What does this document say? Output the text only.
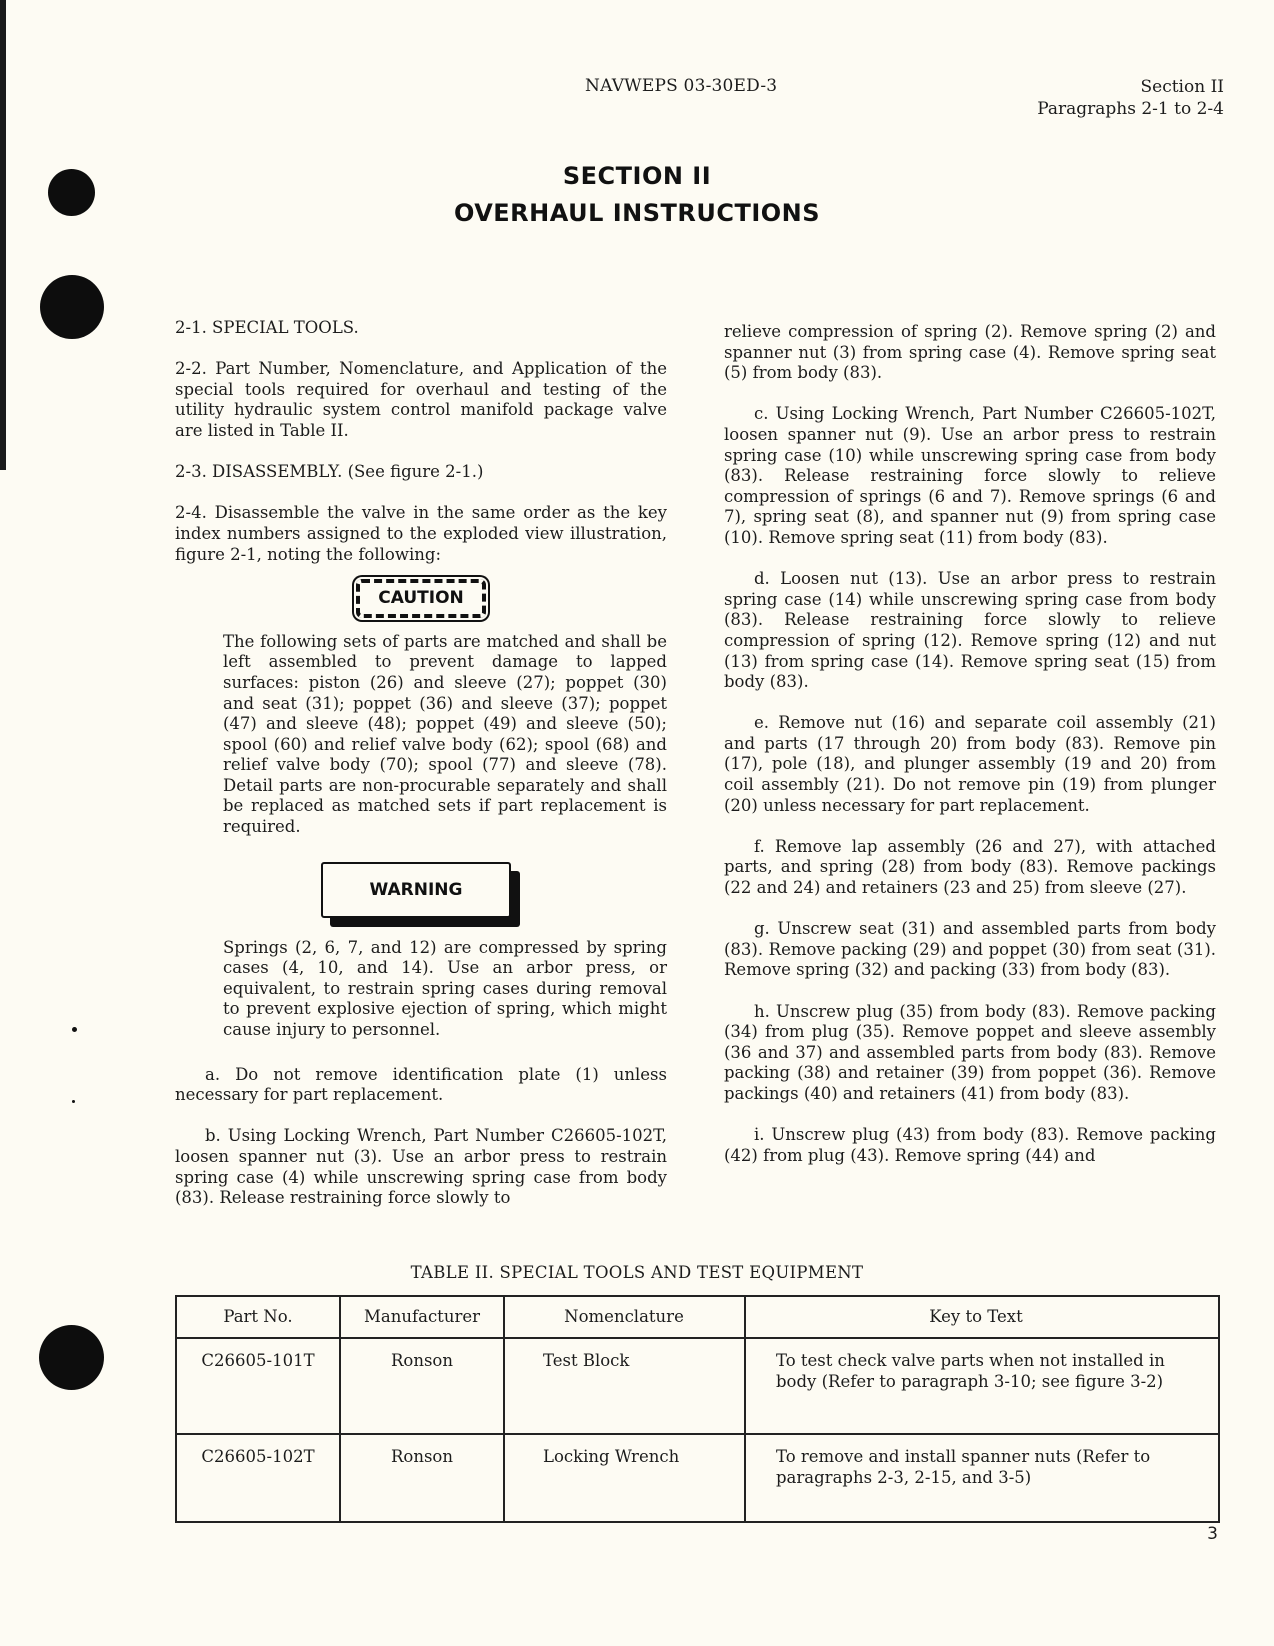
NAVWEPS 03-30ED-3	Section II
Paragraphs 2-1 to 2-4
SECTION II
OVERHAUL INSTRUCTIONS

2-1. SPECIAL TOOLS.

2-2. Part Number, Nomenclature, and Application of the special tools required for overhaul and testing of the utility hydraulic system control manifold package valve are listed in Table II.

2-3. DISASSEMBLY. (See figure 2-1.)

2-4. Disassemble the valve in the same order as the key index numbers assigned to the exploded view illustration, figure 2-1, noting the following:

CAUTION

The following sets of parts are matched and shall be left assembled to prevent damage to lapped surfaces: piston (26) and sleeve (27); poppet (30) and seat (31); poppet (36) and sleeve (37); poppet (47) and sleeve (48); poppet (49) and sleeve (50); spool (60) and relief valve body (62); spool (68) and relief valve body (70); spool (77) and sleeve (78). Detail parts are non-procurable separately and shall be replaced as matched sets if part replacement is required.

WARNING

Springs (2, 6, 7, and 12) are compressed by spring cases (4, 10, and 14). Use an arbor press, or equivalent, to restrain spring cases during removal to prevent explosive ejection of spring, which might cause injury to personnel.

a. Do not remove identification plate (1) unless necessary for part replacement.

b. Using Locking Wrench, Part Number C26605-102T, loosen spanner nut (3). Use an arbor press to restrain spring case (4) while unscrewing spring case from body (83). Release restraining force slowly to

relieve compression of spring (2). Remove spring (2) and spanner nut (3) from spring case (4). Remove spring seat (5) from body (83).

c. Using Locking Wrench, Part Number C26605-102T, loosen spanner nut (9). Use an arbor press to restrain spring case (10) while unscrewing spring case from body (83). Release restraining force slowly to relieve compression of springs (6 and 7). Remove springs (6 and 7), spring seat (8), and spanner nut (9) from spring case (10). Remove spring seat (11) from body (83).

d. Loosen nut (13). Use an arbor press to restrain spring case (14) while unscrewing spring case from body (83). Release restraining force slowly to relieve compression of spring (12). Remove spring (12) and nut (13) from spring case (14). Remove spring seat (15) from body (83).

e. Remove nut (16) and separate coil assembly (21) and parts (17 through 20) from body (83). Remove pin (17), pole (18), and plunger assembly (19 and 20) from coil assembly (21). Do not remove pin (19) from plunger (20) unless necessary for part replacement.

f. Remove lap assembly (26 and 27), with attached parts, and spring (28) from body (83). Remove packings (22 and 24) and retainers (23 and 25) from sleeve (27).

g. Unscrew seat (31) and assembled parts from body (83). Remove packing (29) and poppet (30) from seat (31). Remove spring (32) and packing (33) from body (83).

h. Unscrew plug (35) from body (83). Remove packing (34) from plug (35). Remove poppet and sleeve assembly (36 and 37) and assembled parts from body (83). Remove packing (38) and retainer (39) from poppet (36). Remove packings (40) and retainers (41) from body (83).

i. Unscrew plug (43) from body (83). Remove packing (42) from plug (43). Remove spring (44) and

TABLE II. SPECIAL TOOLS AND TEST EQUIPMENT
Part No.	Manufacturer	Nomenclature	Key to Text
C26605-101T	Ronson	Test Block	To test check valve parts when not installed in body (Refer to paragraph 3-10; see figure 3-2)
C26605-102T	Ronson	Locking Wrench	To remove and install spanner nuts (Refer to paragraphs 2-3, 2-15, and 3-5)
3
